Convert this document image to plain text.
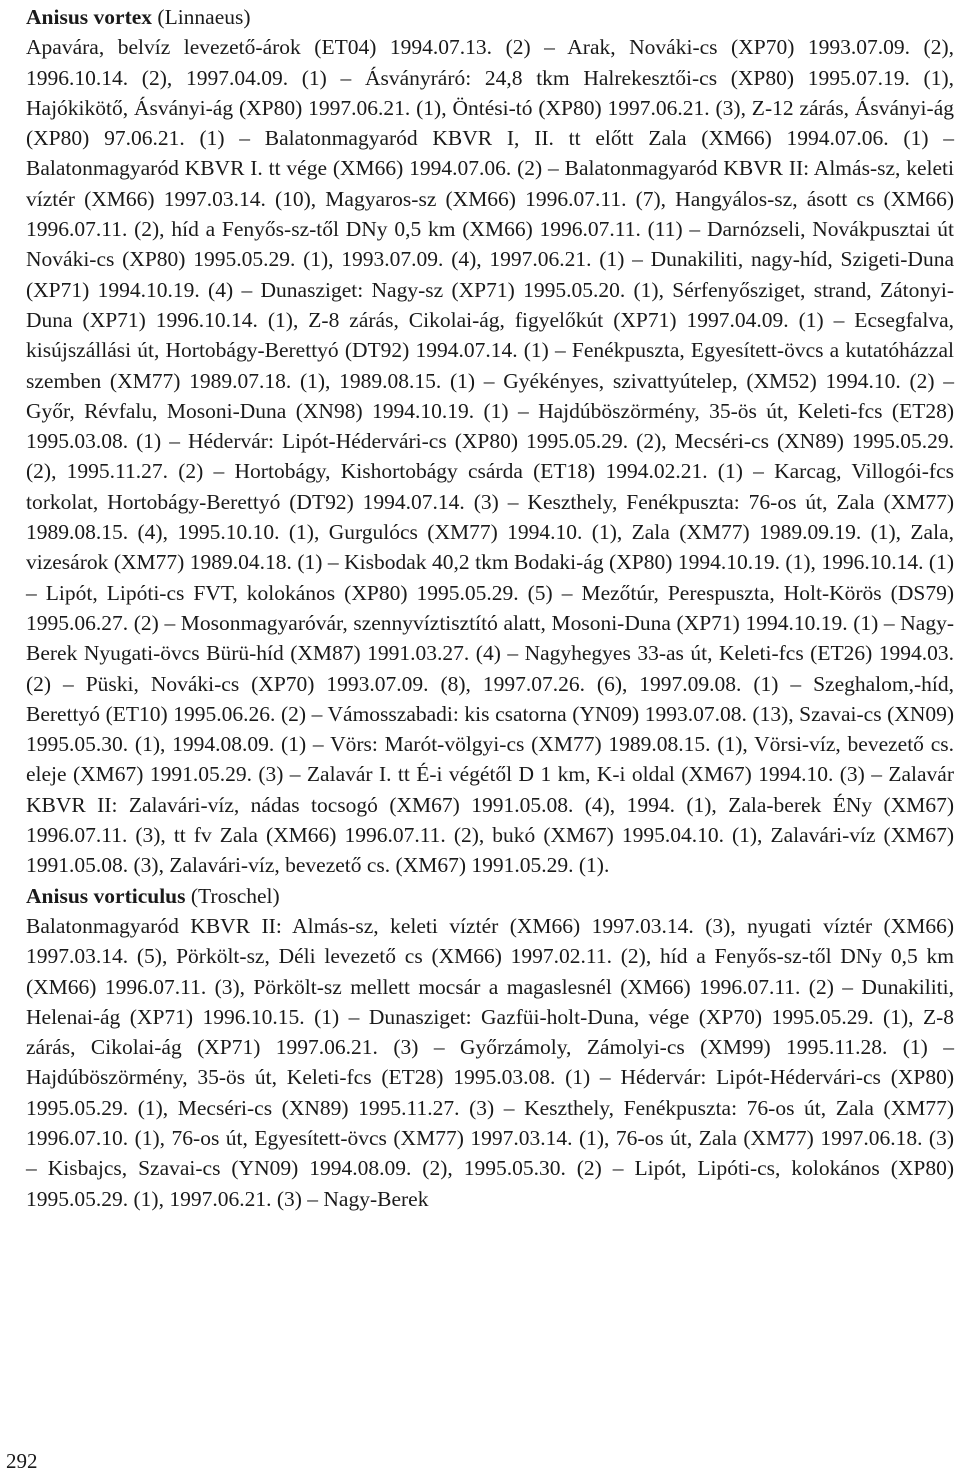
Anisus vortex (Linnaeus)

Apavára, belvíz levezető-árok (ET04) 1994.07.13. (2) – Arak, Nováki-cs (XP70) 1993.07.09. (2), 1996.10.14. (2), 1997.04.09. (1) – Ásványráró: 24,8 tkm Halrekesztői-cs (XP80) 1995.07.19. (1), Hajókikötő, Ásványi-ág (XP80) 1997.06.21. (1), Öntési-tó (XP80) 1997.06.21. (3), Z-12 zárás, Ásványi-ág (XP80) 97.06.21. (1) – Balatonmagyaród KBVR I, II. tt előtt Zala (XM66) 1994.07.06. (1) – Balatonmagyaród KBVR I. tt vége (XM66) 1994.07.06. (2) – Balatonmagyaród KBVR II: Almás-sz, keleti víztér (XM66) 1997.03.14. (10), Magyaros-sz (XM66) 1996.07.11. (7), Hangyálos-sz, ásott cs (XM66) 1996.07.11. (2), híd a Fenyős-sz-től DNy 0,5 km (XM66) 1996.07.11. (11) – Darnózseli, Novákpusztai út Nováki-cs (XP80) 1995.05.29. (1), 1993.07.09. (4), 1997.06.21. (1) – Dunakiliti, nagy-híd, Szigeti-Duna (XP71) 1994.10.19. (4) – Dunasziget: Nagy-sz (XP71) 1995.05.20. (1), Sérfenyősziget, strand, Zátonyi-Duna (XP71) 1996.10.14. (1), Z-8 zárás, Cikolai-ág, figyelőkút (XP71) 1997.04.09. (1) – Ecsegfalva, kisújszállási út, Hortobágy-Berettyó (DT92) 1994.07.14. (1) – Fenékpuszta, Egyesített-övcs a kutatóházzal szemben (XM77) 1989.07.18. (1), 1989.08.15. (1) – Gyékényes, szivattyútelep, (XM52) 1994.10. (2) – Győr, Révfalu, Mosoni-Duna (XN98) 1994.10.19. (1) – Hajdúböszörmény, 35-ös út, Keleti-fcs (ET28) 1995.03.08. (1) – Hédervár: Lipót-Hédervári-cs (XP80) 1995.05.29. (2), Mecséri-cs (XN89) 1995.05.29. (2), 1995.11.27. (2) – Hortobágy, Kishortobágy csárda (ET18) 1994.02.21. (1) – Karcag, Villogói-fcs torkolat, Hortobágy-Berettyó (DT92) 1994.07.14. (3) – Keszthely, Fenékpuszta: 76-os út, Zala (XM77) 1989.08.15. (4), 1995.10.10. (1), Gurgulócs (XM77) 1994.10. (1), Zala (XM77) 1989.09.19. (1), Zala, vizesárok (XM77) 1989.04.18. (1) – Kisbodak 40,2 tkm Bodaki-ág (XP80) 1994.10.19. (1), 1996.10.14. (1) – Lipót, Lipóti-cs FVT, kolokános (XP80) 1995.05.29. (5) – Mezőtúr, Perespuszta, Holt-Körös (DS79) 1995.06.27. (2) – Mosonmagyaróvár, szennyvíztisztító alatt, Mosoni-Duna (XP71) 1994.10.19. (1) – Nagy-Berek Nyugati-övcs Bürü-híd (XM87) 1991.03.27. (4) – Nagyhegyes 33-as út, Keleti-fcs (ET26) 1994.03. (2) – Püski, Nováki-cs (XP70) 1993.07.09. (8), 1997.07.26. (6), 1997.09.08. (1) – Szeghalom,-híd, Berettyó (ET10) 1995.06.26. (2) – Vámosszabadi: kis csatorna (YN09) 1993.07.08. (13), Szavai-cs (XN09) 1995.05.30. (1), 1994.08.09. (1) – Vörs: Marót-völgyi-cs (XM77) 1989.08.15. (1), Vörsi-víz, bevezető cs. eleje (XM67) 1991.05.29. (3) – Zalavár I. tt É-i végétől D 1 km, K-i oldal (XM67) 1994.10. (3) – Zalavár KBVR II: Zalavári-víz, nádas tocsogó (XM67) 1991.05.08. (4), 1994. (1), Zala-berek ÉNy (XM67) 1996.07.11. (3), tt fv Zala (XM66) 1996.07.11. (2), bukó (XM67) 1995.04.10. (1), Zalavári-víz (XM67) 1991.05.08. (3), Zalavári-víz, bevezető cs. (XM67) 1991.05.29. (1).

Anisus vorticulus (Troschel)

Balatonmagyaród KBVR II: Almás-sz, keleti víztér (XM66) 1997.03.14. (3), nyugati víztér (XM66) 1997.03.14. (5), Pörkölt-sz, Déli levezető cs (XM66) 1997.02.11. (2), híd a Fenyős-sz-től DNy 0,5 km (XM66) 1996.07.11. (3), Pörkölt-sz mellett mocsár a magaslesnél (XM66) 1996.07.11. (2) – Dunakiliti, Helenai-ág (XP71) 1996.10.15. (1) – Dunasziget: Gazfüi-holt-Duna, vége (XP70) 1995.05.29. (1), Z-8 zárás, Cikolai-ág (XP71) 1997.06.21. (3) – Győrzámoly, Zámolyi-cs (XM99) 1995.11.28. (1) – Hajdúböszörmény, 35-ös út, Keleti-fcs (ET28) 1995.03.08. (1) – Hédervár: Lipót-Hédervári-cs (XP80) 1995.05.29. (1), Mecséri-cs (XN89) 1995.11.27. (3) – Keszthely, Fenékpuszta: 76-os út, Zala (XM77) 1996.07.10. (1), 76-os út, Egyesített-övcs (XM77) 1997.03.14. (1), 76-os út, Zala (XM77) 1997.06.18. (3) – Kisbajcs, Szavai-cs (YN09) 1994.08.09. (2), 1995.05.30. (2) – Lipót, Lipóti-cs, kolokános (XP80) 1995.05.29. (1), 1997.06.21. (3) – Nagy-Berek

292
